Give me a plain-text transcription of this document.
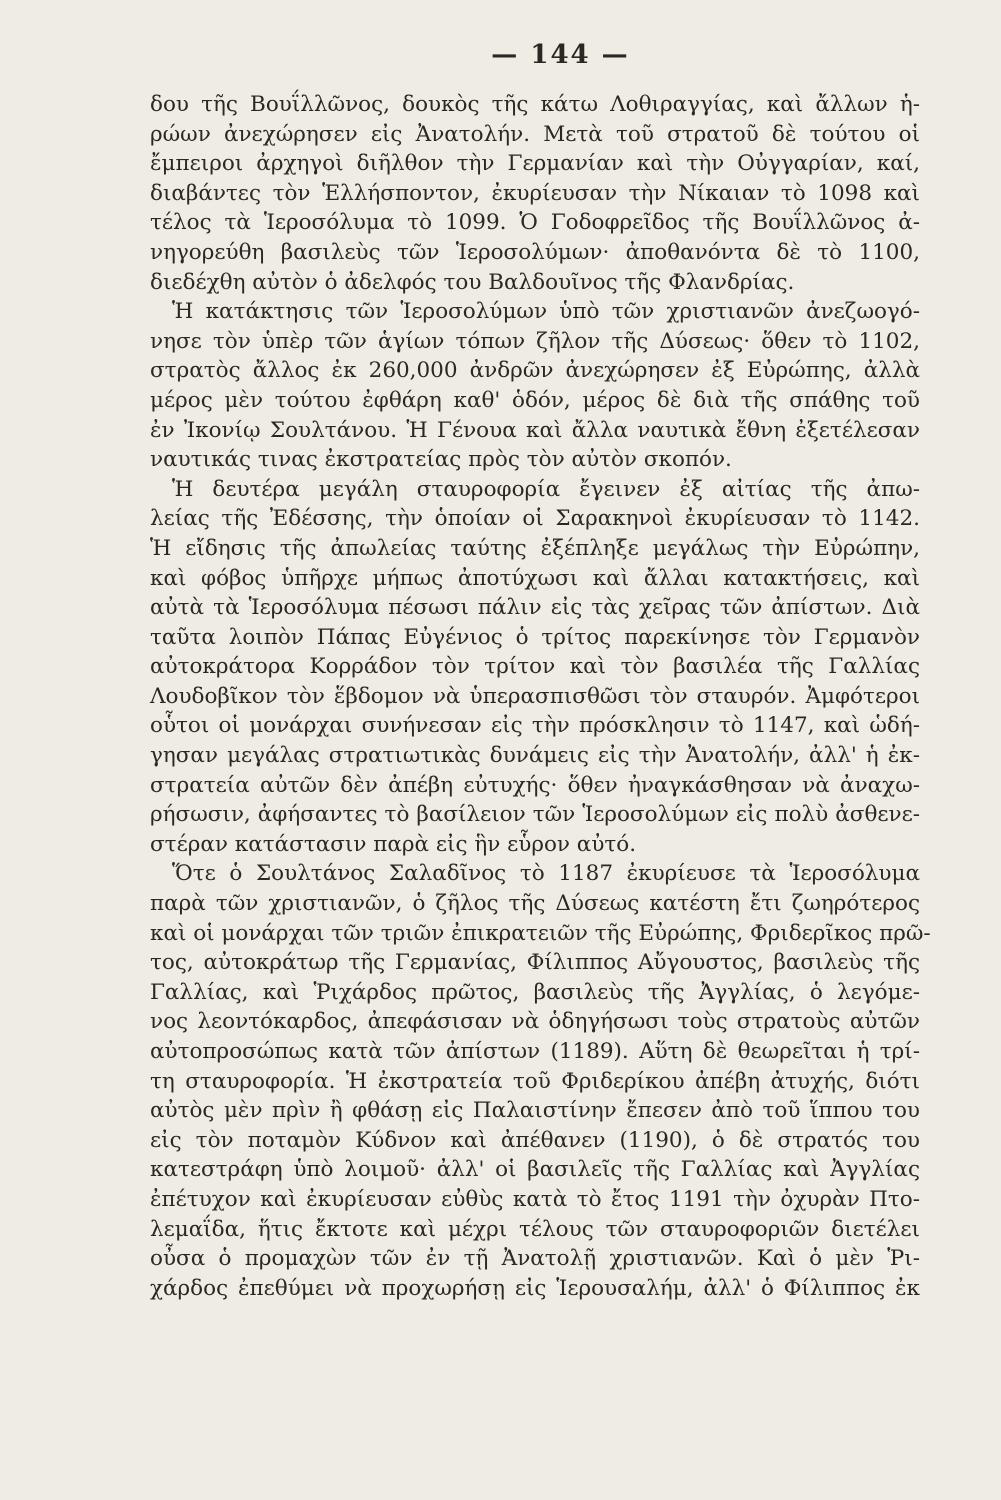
— 144 —
δου τῆς Βουΐλλῶνος, δουκὸς τῆς κάτω Λοθιραγγίας, καὶ ἄλλων ἡ-
ρώων ἀνεχώρησεν εἰς Ἀνατολήν. Μετὰ τοῦ στρατοῦ δὲ τούτου οἱ
ἔμπειροι ἀρχηγοὶ διῆλθον τὴν Γερμανίαν καὶ τὴν Οὐγγαρίαν, καί,
διαβάντες τὸν Ἑλλήσποντον, ἐκυρίευσαν τὴν Νίκαιαν τὸ 1098 καὶ
τέλος τὰ Ἱεροσόλυμα τὸ 1099. Ὁ Γοδοφρεῖδος τῆς Βουΐλλῶνος ἀ-
νηγορεύθη βασιλεὺς τῶν Ἱεροσολύμων· ἀποθανόντα δὲ τὸ 1100,
διεδέχθη αὐτὸν ὁ ἀδελφός του Βαλδουῖνος τῆς Φλανδρίας.
Ἡ κατάκτησις τῶν Ἱεροσολύμων ὑπὸ τῶν χριστιανῶν ἀνεζωογό-
νησε τὸν ὑπὲρ τῶν ἁγίων τόπων ζῆλον τῆς Δύσεως· ὅθεν τὸ 1102,
στρατὸς ἄλλος ἐκ 260,000 ἀνδρῶν ἀνεχώρησεν ἐξ Εὐρώπης, ἀλλὰ
μέρος μὲν τούτου ἐφθάρη καθ' ὁδόν, μέρος δὲ διὰ τῆς σπάθης τοῦ
ἐν Ἰκονίῳ Σουλτάνου. Ἡ Γένουα καὶ ἄλλα ναυτικὰ ἔθνη ἐξετέλεσαν
ναυτικάς τινας ἐκστρατείας πρὸς τὸν αὐτὸν σκοπόν.
Ἡ δευτέρα μεγάλη σταυροφορία ἔγεινεν ἐξ αἰτίας τῆς ἀπω-
λείας τῆς Ἐδέσσης, τὴν ὁποίαν οἱ Σαρακηνοὶ ἐκυρίευσαν τὸ 1142.
Ἡ εἴδησις τῆς ἀπωλείας ταύτης ἐξέπληξε μεγάλως τὴν Εὐρώπην,
καὶ φόβος ὑπῆρχε μήπως ἀποτύχωσι καὶ ἄλλαι κατακτήσεις, καὶ
αὐτὰ τὰ Ἱεροσόλυμα πέσωσι πάλιν εἰς τὰς χεῖρας τῶν ἀπίστων. Διὰ
ταῦτα λοιπὸν Πάπας Εὐγένιος ὁ τρίτος παρεκίνησε τὸν Γερμανὸν
αὐτοκράτορα Κορράδον τὸν τρίτον καὶ τὸν βασιλέα τῆς Γαλλίας
Λουδοβῖκον τὸν ἕβδομον νὰ ὑπερασπισθῶσι τὸν σταυρόν. Ἀμφότεροι
οὗτοι οἱ μονάρχαι συνήνεσαν εἰς τὴν πρόσκλησιν τὸ 1147, καὶ ὡδή-
γησαν μεγάλας στρατιωτικὰς δυνάμεις εἰς τὴν Ἀνατολήν, ἀλλ' ἡ ἐκ-
στρατεία αὐτῶν δὲν ἀπέβη εὐτυχής· ὅθεν ἠναγκάσθησαν νὰ ἀναχω-
ρήσωσιν, ἀφήσαντες τὸ βασίλειον τῶν Ἱεροσολύμων εἰς πολὺ ἀσθενε-
στέραν κατάστασιν παρὰ εἰς ἣν εὗρον αὐτό.
Ὅτε ὁ Σουλτάνος Σαλαδῖνος τὸ 1187 ἐκυρίευσε τὰ Ἱεροσόλυμα
παρὰ τῶν χριστιανῶν, ὁ ζῆλος τῆς Δύσεως κατέστη ἔτι ζωηρότερος
καὶ οἱ μονάρχαι τῶν τριῶν ἐπικρατειῶν τῆς Εὐρώπης, Φριδερῖκος πρῶ-
τος, αὐτοκράτωρ τῆς Γερμανίας, Φίλιππος Αὔγουστος, βασιλεὺς τῆς
Γαλλίας, καὶ Ῥιχάρδος πρῶτος, βασιλεὺς τῆς Ἀγγλίας, ὁ λεγόμε-
νος λεοντόκαρδος, ἀπεφάσισαν νὰ ὁδηγήσωσι τοὺς στρατοὺς αὐτῶν
αὐτοπροσώπως κατὰ τῶν ἀπίστων (1189). Αὕτη δὲ θεωρεῖται ἡ τρί-
τη σταυροφορία. Ἡ ἐκστρατεία τοῦ Φριδερίκου ἀπέβη ἀτυχής, διότι
αὐτὸς μὲν πρὶν ἢ φθάσῃ εἰς Παλαιστίνην ἔπεσεν ἀπὸ τοῦ ἵππου του
εἰς τὸν ποταμὸν Κύδνον καὶ ἀπέθανεν (1190), ὁ δὲ στρατός του
κατεστράφη ὑπὸ λοιμοῦ· ἀλλ' οἱ βασιλεῖς τῆς Γαλλίας καὶ Ἀγγλίας
ἐπέτυχον καὶ ἐκυρίευσαν εὐθὺς κατὰ τὸ ἔτος 1191 τὴν ὀχυρὰν Πτο-
λεμαΐδα, ἥτις ἔκτοτε καὶ μέχρι τέλους τῶν σταυροφοριῶν διετέλει
οὖσα ὁ προμαχὼν τῶν ἐν τῇ Ἀνατολῇ χριστιανῶν. Καὶ ὁ μὲν Ῥι-
χάρδος ἐπεθύμει νὰ προχωρήσῃ εἰς Ἱερουσαλήμ, ἀλλ' ὁ Φίλιππος ἐκ
